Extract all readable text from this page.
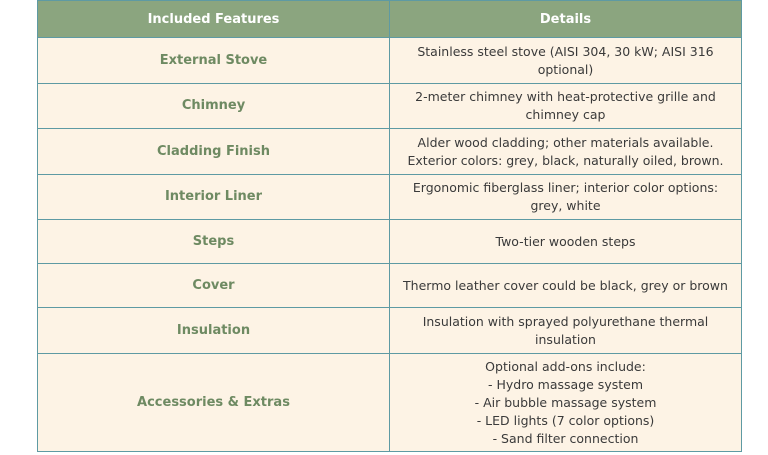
Included Features	Details
External Stove	Stainless steel stove (AISI 304, 30 kW; AISI 316
optional)

Chimney	2-meter chimney with heat-protective grille and
chimney cap

Cladding Finish	Alder wood cladding; other materials available.
Exterior colors: grey, black, naturally oiled, brown.

Interior Liner	Ergonomic fiberglass liner; interior color options:
grey, white

Steps	Two-tier wooden steps

Cover	Thermo leather cover could be black, grey or brown

Insulation	Insulation with sprayed polyurethane thermal
insulation

Accessories & Extras	Optional add-ons include:
- Hydro massage system
- Air bubble massage system
- LED lights (7 color options)
- Sand filter connection
